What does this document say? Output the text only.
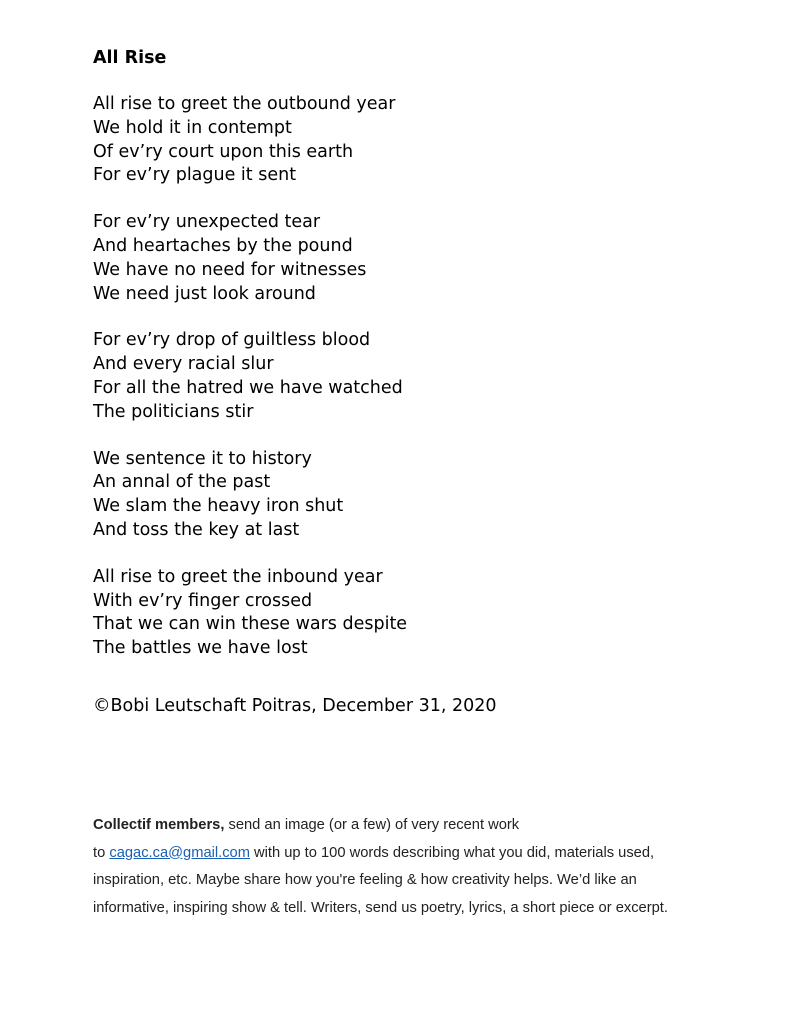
All Rise
All rise to greet the outbound year
We hold it in contempt
Of ev’ry court upon this earth
For ev’ry plague it sent
For ev’ry unexpected tear
And heartaches by the pound
We have no need for witnesses
We need just look around
For ev’ry drop of guiltless blood
And every racial slur
For all the hatred we have watched
The politicians stir
We sentence it to history
An annal of the past
We slam the heavy iron shut
And toss the key at last
All rise to greet the inbound year
With ev’ry finger crossed
That we can win these wars despite
The battles we have lost
©Bobi Leutschaft Poitras, December 31, 2020
Collectif members, send an image (or a few) of very recent work
to cagac.ca@gmail.com with up to 100 words describing what you did, materials used,
inspiration, etc. Maybe share how you're feeling & how creativity helps. We’d like an
informative, inspiring show & tell. Writers, send us poetry, lyrics, a short piece or excerpt.
